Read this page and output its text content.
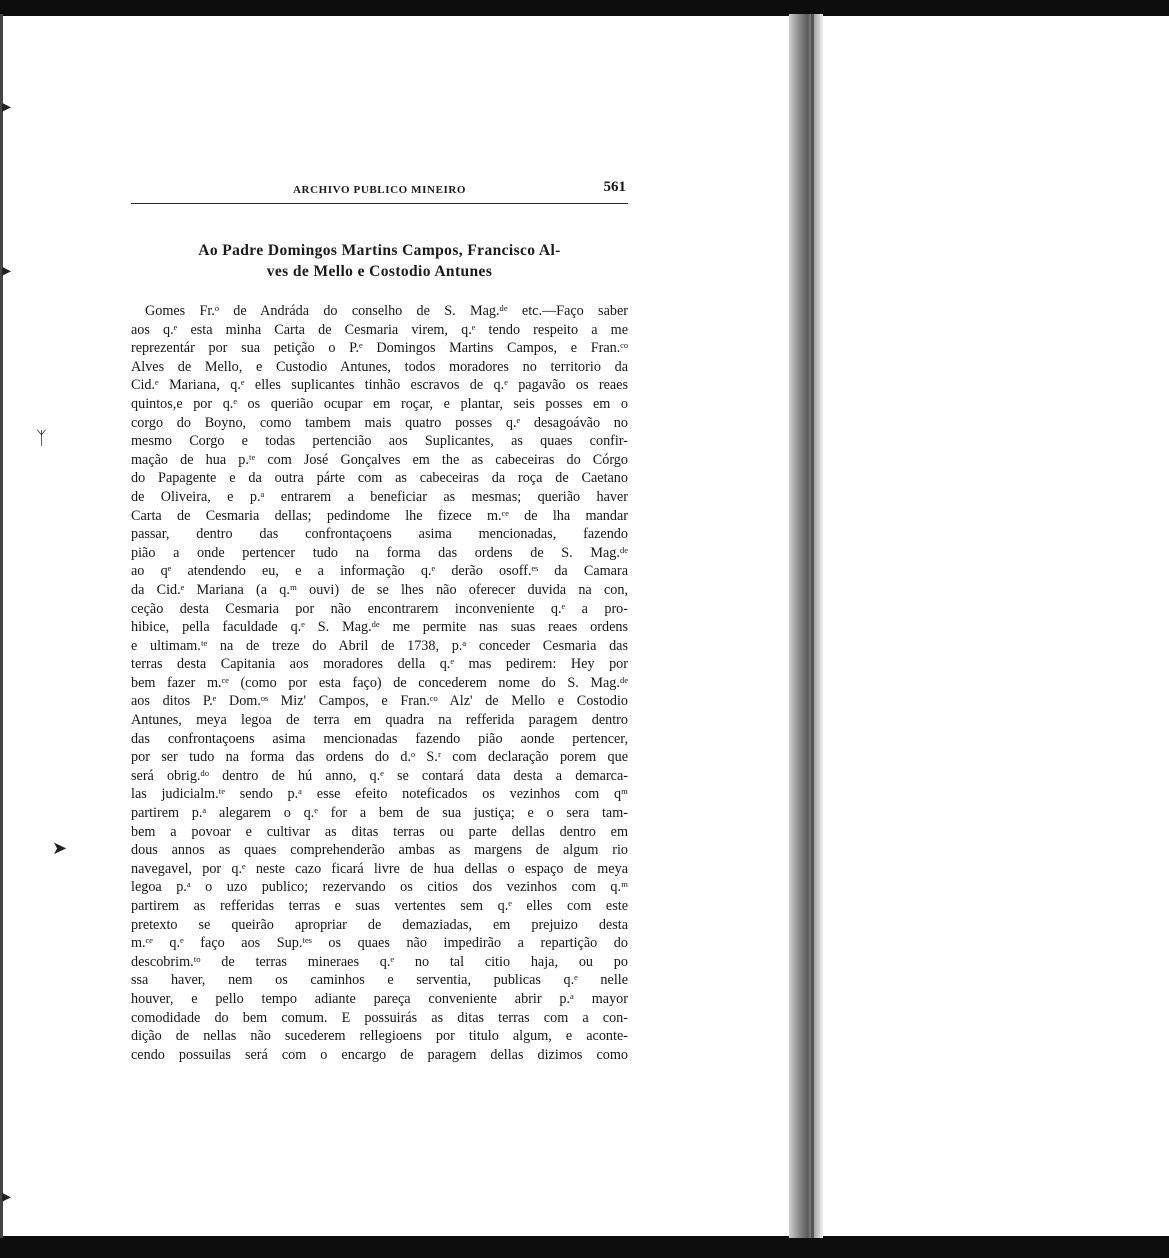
▸
▸
ᛉ
➤
▸
ARCHIVO PUBLICO MINEIRO	561
Ao Padre Domingos Martins Campos, Francisco Al-
ves de Mello e Costodio Antunes
Gomes Fr.ᵒ de Andráda do conselho de S. Mag.ᵈᵉ etc.—Faço saber
aos q.ᵉ esta minha Carta de Cesmaria virem, q.ᵉ tendo respeito a me
reprezentár por sua petição o P.ᵉ Domingos Martins Campos, e Fran.ᶜᵒ
Alves de Mello, e Custodio Antunes, todos moradores no territorio da
Cid.ᵉ Mariana, q.ᵉ elles suplicantes tinhão escravos de q.ᵉ pagavão os reaes
quintos,e por q.ᵉ os querião ocupar em roçar, e plantar, seis posses em o
corgo do Boyno, como tambem mais quatro posses q.ᵉ desagoávão no
mesmo Corgo e todas pertencião aos Suplicantes, as quaes confir-
mação de hua p.ᵗᵉ com José Gonçalves em the as cabeceiras do Córgo
do Papagente e da outra párte com as cabeceiras da roça de Caetano
de Oliveira, e p.ᵃ entrarem a beneficiar as mesmas; querião haver
Carta de Cesmaria dellas; pedindome lhe fizece m.ᶜᵉ de lha mandar
passar, dentro das confrontaçoens asima mencionadas, fazendo
pião a onde pertencer tudo na forma das ordens de S. Mag.ᵈᵉ
ao qᵉ atendendo eu, e a informação q.ᵉ derão osoff.ᵉˢ da Camara
da Cid.ᵉ Mariana (a q.ᵐ ouvi) de se lhes não oferecer duvida na con,
ceção desta Cesmaria por não encontrarem inconveniente q.ᵉ a pro-
hibice, pella faculdade q.ᵉ S. Mag.ᵈᵉ me permite nas suas reaes ordens
e ultimam.ᵗᵉ na de treze do Abril de 1738, p.ᵃ conceder Cesmaria das
terras desta Capitania aos moradores della q.ᵉ mas pedirem: Hey por
bem fazer m.ᶜᵉ (como por esta faço) de concederem nome do S. Mag.ᵈᵉ
aos ditos P.ᵉ Dom.ᵒˢ Miz' Campos, e Fran.ᶜᵒ Alz' de Mello e Costodio
Antunes, meya legoa de terra em quadra na refferida paragem dentro
das confrontaçoens asima mencionadas fazendo pião aonde pertencer,
por ser tudo na forma das ordens do d.ᵒ S.ʳ com declaração porem que
será obrig.ᵈᵒ dentro de hú anno, q.ᵉ se contará data desta a demarca-
las judicialm.ᵗᵉ sendo p.ᵃ esse efeito noteficados os vezinhos com qᵐ
partirem p.ᵃ alegarem o q.ᵉ for a bem de sua justiça; e o sera tam-
bem a povoar e cultivar as ditas terras ou parte dellas dentro em
dous annos as quaes comprehenderão ambas as margens de algum rio
navegavel, por q.ᵉ neste cazo ficará livre de hua dellas o espaço de meya
legoa p.ᵃ o uzo publico; rezervando os citios dos vezinhos com q.ᵐ
partirem as refferidas terras e suas vertentes sem q.ᵉ elles com este
pretexto se queirão apropriar de demaziadas, em prejuizo desta
m.ᶜᵉ q.ᵉ faço aos Sup.ᵗᵉˢ os quaes não impedirão a repartição do
descobrim.ᵗᵒ de terras mineraes q.ᵉ no tal citio haja, ou po
ssa haver, nem os caminhos e serventia, publicas q.ᵉ nelle
houver, e pello tempo adiante pareça conveniente abrir p.ᵃ mayor
comodidade do bem comum. E possuirás as ditas terras com a con-
dição de nellas não sucederem rellegioens por titulo algum, e aconte-
cendo possuilas será com o encargo de paragem dellas dizimos como
